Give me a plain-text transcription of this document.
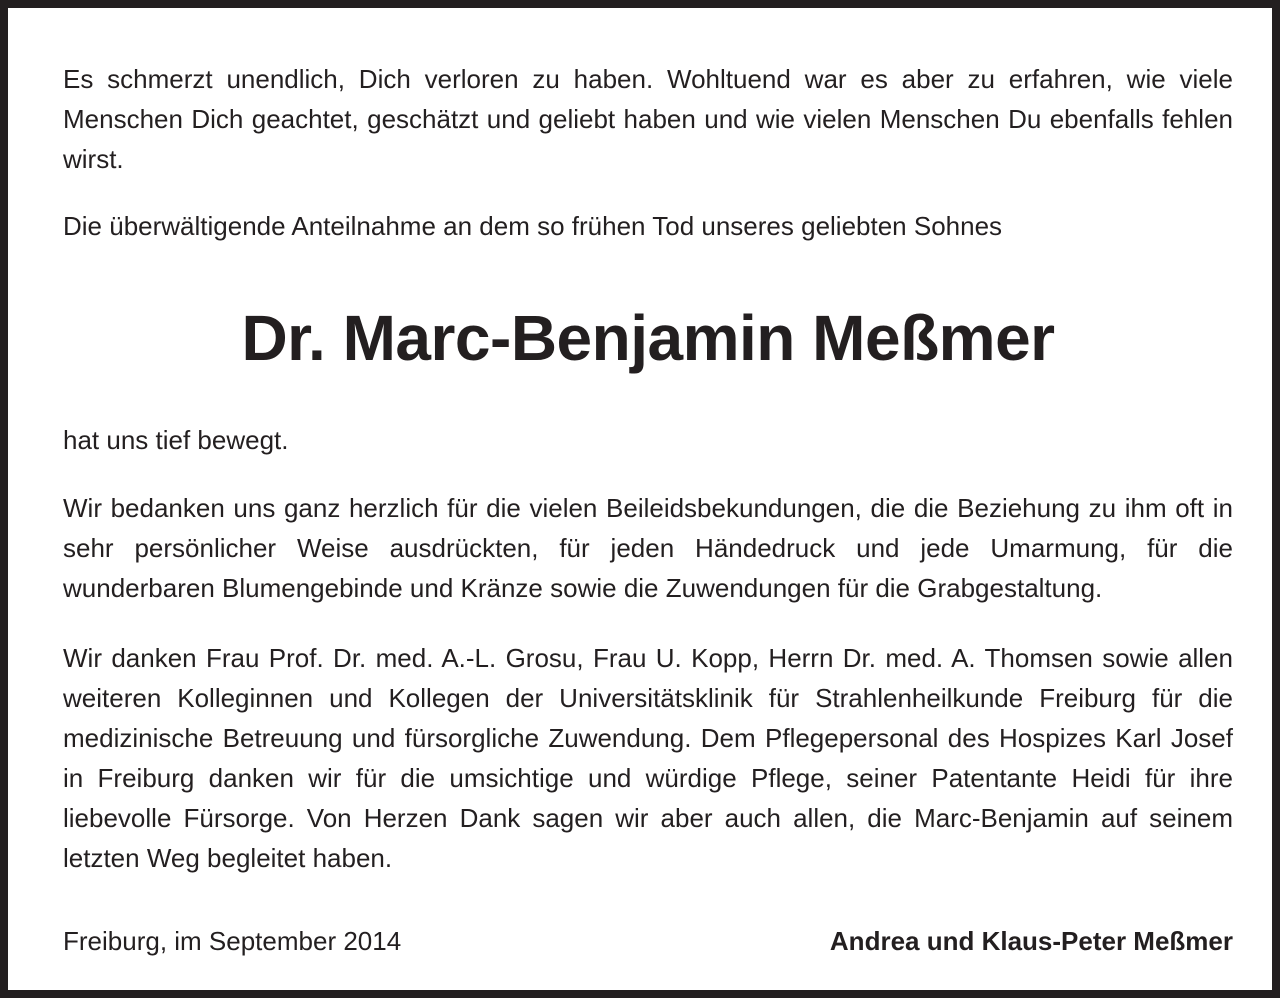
Es schmerzt unendlich, Dich verloren zu haben. Wohltuend war es aber zu erfahren, wie viele Menschen Dich geachtet, geschätzt und geliebt haben und wie vielen Menschen Du ebenfalls fehlen wirst.

Die überwältigende Anteilnahme an dem so frühen Tod unseres geliebten Sohnes

Dr. Marc-Benjamin Meßmer

hat uns tief bewegt.

Wir bedanken uns ganz herzlich für die vielen Beileidsbekundungen, die die Beziehung zu ihm oft in sehr persönlicher Weise ausdrückten, für jeden Händedruck und jede Umarmung, für die wunderbaren Blumengebinde und Kränze sowie die Zuwendungen für die Grabgestaltung.

Wir danken Frau Prof. Dr. med. A.-L. Grosu, Frau U. Kopp, Herrn Dr. med. A. Thomsen sowie allen weiteren Kolleginnen und Kollegen der Universitätsklinik für Strahlenheilkunde Freiburg für die medizinische Betreuung und fürsorgliche Zuwendung. Dem Pflegepersonal des Hospizes Karl Josef in Freiburg danken wir für die umsichtige und würdige Pflege, seiner Patentante Heidi für ihre liebevolle Fürsorge. Von Herzen Dank sagen wir aber auch allen, die Marc-Benjamin auf seinem letzten Weg begleitet haben.

Freiburg, im September 2014	Andrea und Klaus-Peter Meßmer
